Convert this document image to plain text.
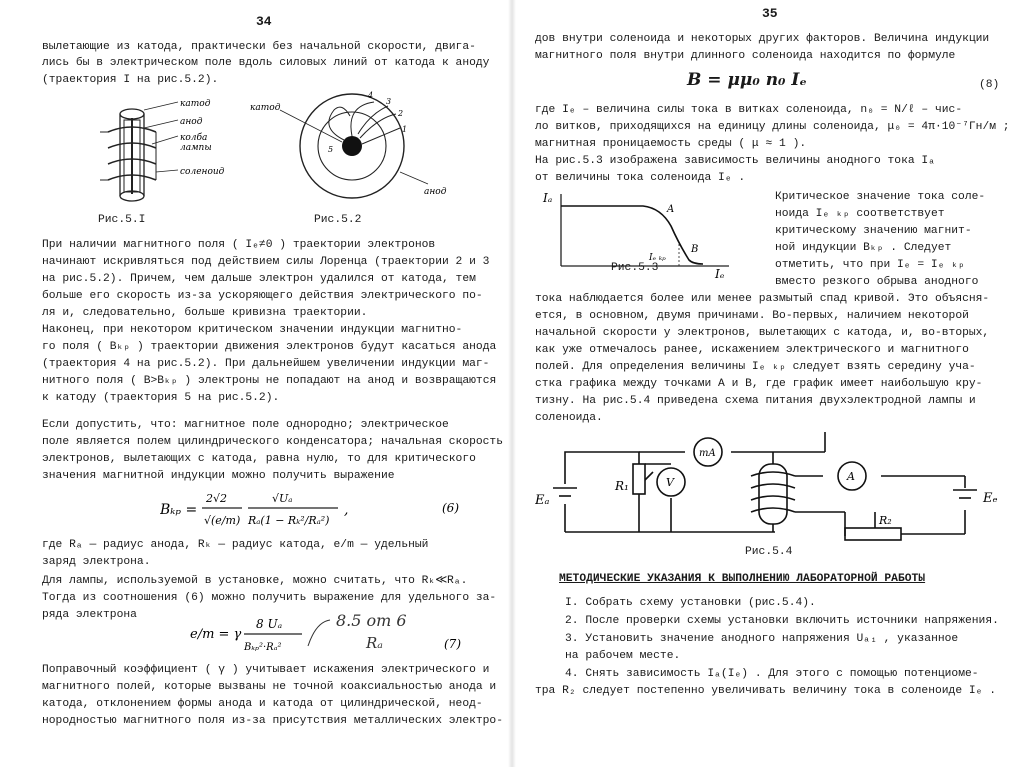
34
вылетающие из катода, практически без начальной скорости, двига-
лись бы в электрическом поле вдоль силовых линий от катода к аноду
(траектория I на рис.5.2).
катод
анод
колба
лампы
соленоид
Рис.5.I
катод
анод
1
2
3
4
5
Рис.5.2
При наличии магнитного поля ( Iₑ≠0 ) траектории электронов
начинают искривляться под действием силы Лоренца (траектории 2 и 3
на рис.5.2). Причем, чем дальше электрон удалился от катода, тем
больше его скорость из-за ускоряющего действия электрического по-
ля и, следовательно, больше кривизна траектории.
Наконец, при некотором критическом значении индукции магнитно-
го поля ( Bₖₚ ) траектории движения электронов будут касаться анода
(траектория 4 на рис.5.2). При дальнейшем увеличении индукции маг-
нитного поля ( B>Bₖₚ ) электроны не попадают на анод и возвращаются
к катоду (траектория 5 на рис.5.2).
Если допустить, что: магнитное поле однородно; электрическое
поле является полем цилиндрического конденсатора; начальная скорость
электронов, вылетающих с катода, равна нулю, то для критического
значения магнитной индукции можно получить выражение
Bₖₚ =
2√2
√(e/m)
√Uₐ
Rₐ(1 − Rₖ²/Rₐ²)
,	(6)
где Rₐ — радиус анода, Rₖ — радиус катода, e/m — удельный
заряд электрона.
Для лампы, используемой в установке, можно считать, что Rₖ≪Rₐ.
Тогда из соотношения (6) можно получить выражение для удельного за-
ряда электрона
e/m = γ
8 Uₐ
Bₖₚ²·Rₐ²
8.5 от 6
Rₐ	(7)
Поправочный коэффициент ( γ ) учитывает искажения электрического и
магнитного полей, которые вызваны не точной коаксиальностью анода и
катода, отклонением формы анода и катода от цилиндрической, неод-
нородностью магнитного поля из-за присутствия металлических электро-
35
дов внутри соленоида и некоторых других факторов. Величина индукции
магнитного поля внутри длинного соленоида находится по формуле
B = μμ₀ n₀ Iₑ	(8)
где Iₑ – величина силы тока в витках соленоида, n₀ = N/ℓ – чис-
ло витков, приходящихся на единицу длины соленоида, μ₀ = 4π·10⁻⁷Гн/м ;
магнитная проницаемость среды ( μ ≈ 1 ).
На рис.5.3 изображена зависимость величины анодного тока Iₐ
от величины тока соленоида Iₑ .
Iₐ
Iₑ
A
B
Iₑ ₖₚ
Рис.5.3
Критическое значение тока соле-
ноида Iₑ ₖₚ соответствует
критическому значению магнит-
ной индукции Bₖₚ . Следует
отметить, что при Iₑ = Iₑ ₖₚ
вместо резкого обрыва анодного
тока наблюдается более или менее размытый спад кривой. Это объясня-
ется, в основном, двумя причинами. Во-первых, наличием некоторой
начальной скорости у электронов, вылетающих с катода, и, во-вторых,
как уже отмечалось ранее, искажением электрического и магнитного
полей. Для определения величины Iₑ ₖₚ следует взять середину уча-
стка графика между точками А и В, где график имеет наибольшую кру-
тизну. На рис.5.4 приведена схема питания двухэлектродной лампы и
соленоида.
mA
V	A
Eₐ
R₁
R₂
Eₑ
Рис.5.4
МЕТОДИЧЕСКИЕ УКАЗАНИЯ К ВЫПОЛНЕНИЮ ЛАБОРАТОРНОЙ РАБОТЫ
I. Собрать схему установки (рис.5.4).
2. После проверки схемы установки включить источники напряжения.
3. Установить значение анодного напряжения Uₐ₁ , указанное
на рабочем месте.
4. Снять зависимость Iₐ(Iₑ) . Для этого с помощью потенциоме-
тра R₂ следует постепенно увеличивать величину тока в соленоиде Iₑ .
